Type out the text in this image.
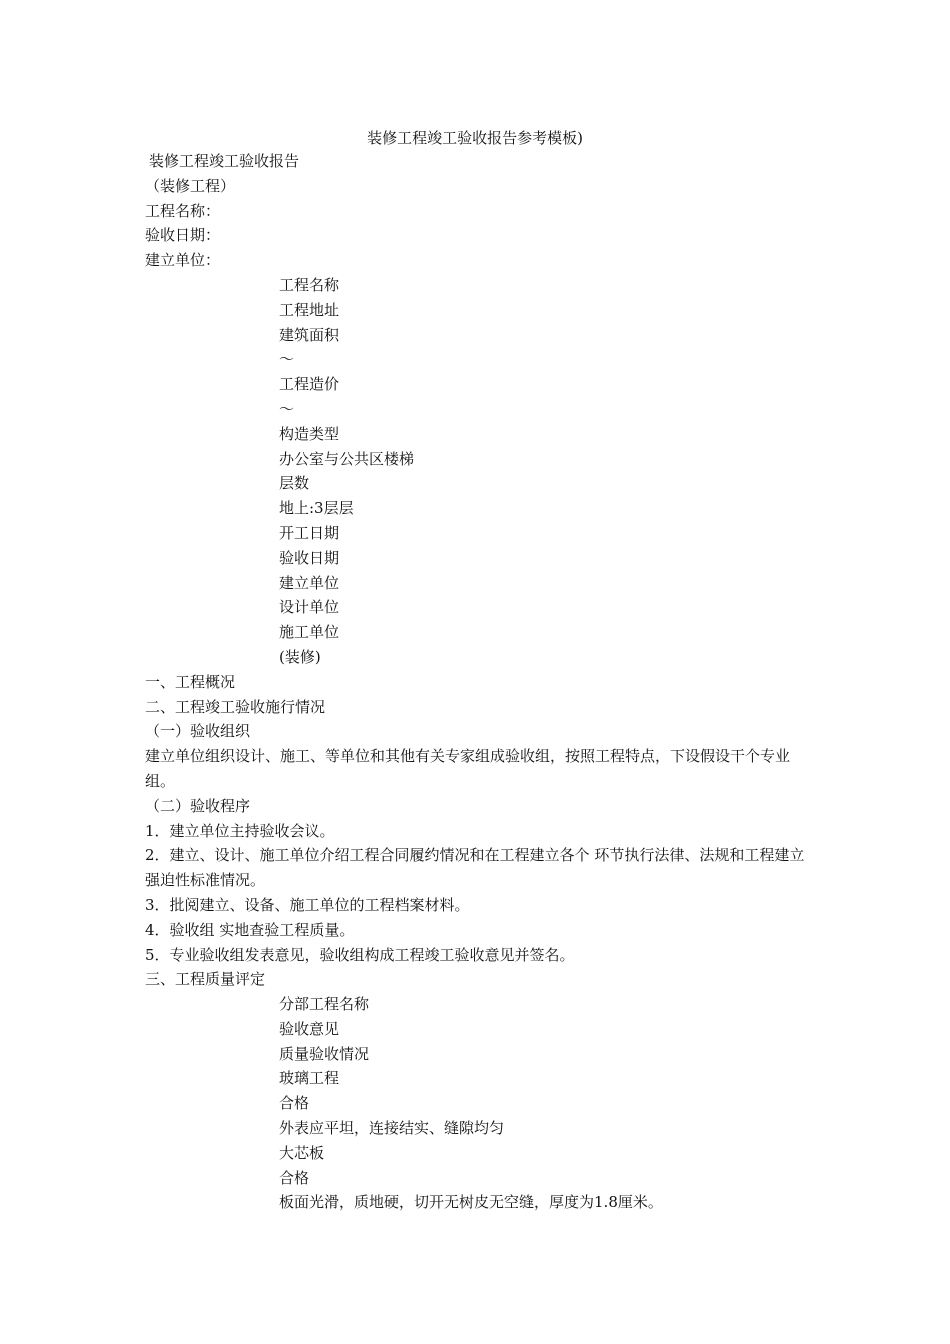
装修工程竣工验收报告参考模板)
装修工程竣工验收报告
（装修工程）
工程名称：
验收日期：
建立单位：
工程名称
工程地址
建筑面积
～
工程造价
～
构造类型
办公室与公共区楼梯
层数
地上:3层层
开工日期
验收日期
建立单位
设计单位
施工单位
(装修)
一、工程概况
二、工程竣工验收施行情况
（一）验收组织
建立单位组织设计、施工、等单位和其他有关专家组成验收组，按照工程特点，下设假设干个专业组。
（二）验收程序
1．建立单位主持验收会议。
2．建立、设计、施工单位介绍工程合同履约情况和在工程建立各个 环节执行法律、法规和工程建立强迫性标准情况。
3．批阅建立、设备、施工单位的工程档案材料。
4．验收组 实地查验工程质量。
5．专业验收组发表意见，验收组构成工程竣工验收意见并签名。
三、工程质量评定
分部工程名称
验收意见
质量验收情况
玻璃工程
合格
外表应平坦，连接结实、缝隙均匀
大芯板
合格
板面光滑，质地硬，切开无树皮无空缝，厚度为1.8厘米。
